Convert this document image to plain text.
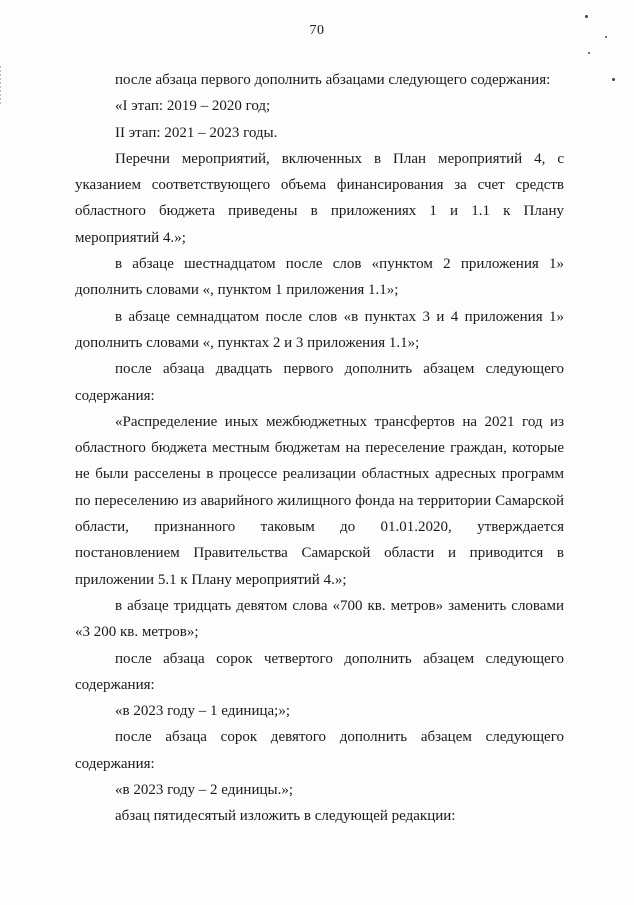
70

после абзаца первого дополнить абзацами следующего содержания:

«I этап: 2019 – 2020 год;

II этап: 2021 – 2023 годы.

Перечни мероприятий, включенных в План мероприятий 4, с указанием соответствующего объема финансирования за счет средств областного бюджета приведены в приложениях 1 и 1.1 к Плану мероприятий 4.»;

в абзаце шестнадцатом после слов «пунктом 2 приложения 1» дополнить словами «, пунктом 1 приложения 1.1»;

в абзаце семнадцатом после слов «в пунктах 3 и 4 приложения 1» дополнить словами «, пунктах 2 и 3 приложения 1.1»;

после абзаца двадцать первого дополнить абзацем следующего содержания:

«Распределение иных межбюджетных трансфертов на 2021 год из областного бюджета местным бюджетам на переселение граждан, которые не были расселены в процессе реализации областных адресных программ по переселению из аварийного жилищного фонда на территории Самарской области, признанного таковым до 01.01.2020, утверждается постановлением Правительства Самарской области и приводится в приложении 5.1 к Плану мероприятий 4.»;

в абзаце тридцать девятом слова «700 кв. метров» заменить словами «3 200 кв. метров»;

после абзаца сорок четвертого дополнить абзацем следующего содержания:

«в 2023 году – 1 единица;»;

после абзаца сорок девятого дополнить абзацем следующего содержания:

«в 2023 году – 2 единицы.»;

абзац пятидесятый изложить в следующей редакции:
